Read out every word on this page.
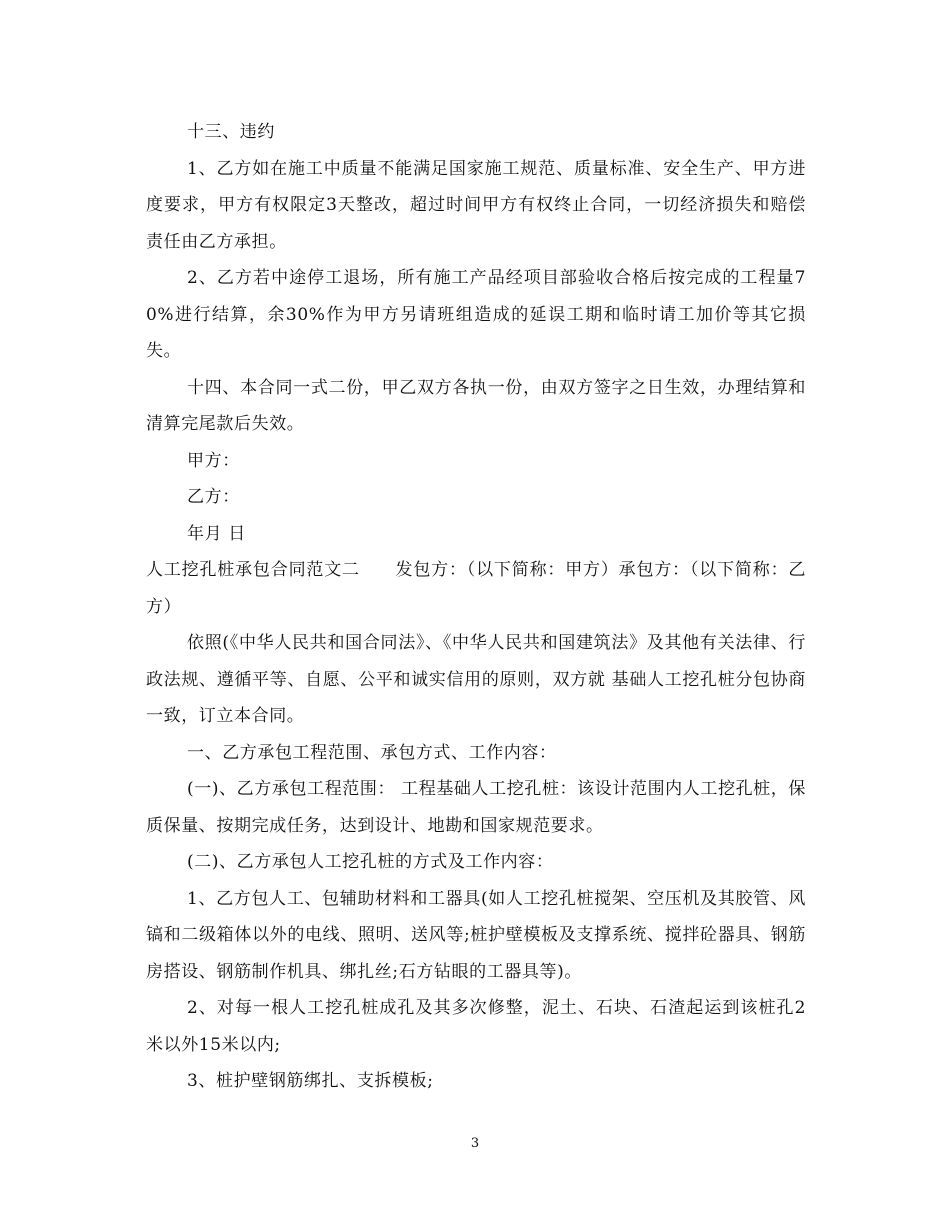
十三、违约

1、乙方如在施工中质量不能满足国家施工规范、质量标准、安全生产、甲方进度要求，甲方有权限定3天整改，超过时间甲方有权终止合同，一切经济损失和赔偿责任由乙方承担。

2、乙方若中途停工退场，所有施工产品经项目部验收合格后按完成的工程量70%进行结算，余30%作为甲方另请班组造成的延误工期和临时请工加价等其它损失。

十四、本合同一式二份，甲乙双方各执一份，由双方签字之日生效，办理结算和清算完尾款后失效。

甲方：

乙方：

年月 日

人工挖孔桩承包合同范文二　　发包方：（以下简称：甲方）承包方：（以下简称：乙方）

依照(《中华人民共和国合同法》、《中华人民共和国建筑法》及其他有关法律、行政法规、遵循平等、自愿、公平和诚实信用的原则，双方就 基础人工挖孔桩分包协商一致，订立本合同。

一、乙方承包工程范围、承包方式、工作内容：

(一)、乙方承包工程范围： 工程基础人工挖孔桩：该设计范围内人工挖孔桩，保质保量、按期完成任务，达到设计、地勘和国家规范要求。

(二)、乙方承包人工挖孔桩的方式及工作内容：

1、乙方包人工、包辅助材料和工器具(如人工挖孔桩搅架、空压机及其胶管、风镐和二级箱体以外的电线、照明、送风等;桩护壁模板及支撑系统、搅拌砼器具、钢筋房搭设、钢筋制作机具、绑扎丝;石方钻眼的工器具等)。

2、对每一根人工挖孔桩成孔及其多次修整，泥土、石块、石渣起运到该桩孔2米以外15米以内;

3、桩护壁钢筋绑扎、支拆模板;

3
